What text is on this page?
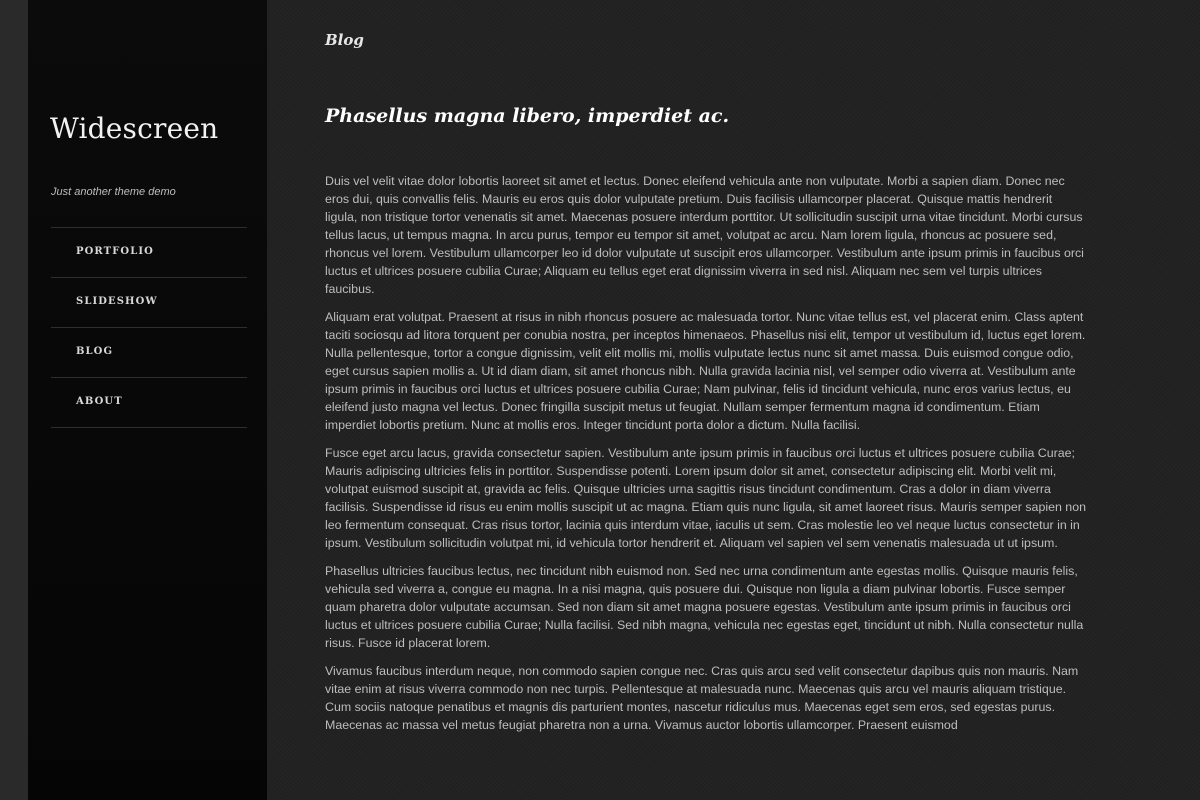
Widescreen

Just another theme demo

PORTFOLIO
SLIDESHOW
BLOG
ABOUT
Blog
Phasellus magna libero, imperdiet ac.

Duis vel velit vitae dolor lobortis laoreet sit amet et lectus. Donec eleifend vehicula ante non vulputate. Morbi a sapien diam. Donec nec eros dui, quis convallis felis. Mauris eu eros quis dolor vulputate pretium. Duis facilisis ullamcorper placerat. Quisque mattis hendrerit ligula, non tristique tortor venenatis sit amet. Maecenas posuere interdum porttitor. Ut sollicitudin suscipit urna vitae tincidunt. Morbi cursus tellus lacus, ut tempus magna. In arcu purus, tempor eu tempor sit amet, volutpat ac arcu. Nam lorem ligula, rhoncus ac posuere sed, rhoncus vel lorem. Vestibulum ullamcorper leo id dolor vulputate ut suscipit eros ullamcorper. Vestibulum ante ipsum primis in faucibus orci luctus et ultrices posuere cubilia Curae; Aliquam eu tellus eget erat dignissim viverra in sed nisl. Aliquam nec sem vel turpis ultrices faucibus.

Aliquam erat volutpat. Praesent at risus in nibh rhoncus posuere ac malesuada tortor. Nunc vitae tellus est, vel placerat enim. Class aptent taciti sociosqu ad litora torquent per conubia nostra, per inceptos himenaeos. Phasellus nisi elit, tempor ut vestibulum id, luctus eget lorem. Nulla pellentesque, tortor a congue dignissim, velit elit mollis mi, mollis vulputate lectus nunc sit amet massa. Duis euismod congue odio, eget cursus sapien mollis a. Ut id diam diam, sit amet rhoncus nibh. Nulla gravida lacinia nisl, vel semper odio viverra at. Vestibulum ante ipsum primis in faucibus orci luctus et ultrices posuere cubilia Curae; Nam pulvinar, felis id tincidunt vehicula, nunc eros varius lectus, eu eleifend justo magna vel lectus. Donec fringilla suscipit metus ut feugiat. Nullam semper fermentum magna id condimentum. Etiam imperdiet lobortis pretium. Nunc at mollis eros. Integer tincidunt porta dolor a dictum. Nulla facilisi.

Fusce eget arcu lacus, gravida consectetur sapien. Vestibulum ante ipsum primis in faucibus orci luctus et ultrices posuere cubilia Curae; Mauris adipiscing ultricies felis in porttitor. Suspendisse potenti. Lorem ipsum dolor sit amet, consectetur adipiscing elit. Morbi velit mi, volutpat euismod suscipit at, gravida ac felis. Quisque ultricies urna sagittis risus tincidunt condimentum. Cras a dolor in diam viverra facilisis. Suspendisse id risus eu enim mollis suscipit ut ac magna. Etiam quis nunc ligula, sit amet laoreet risus. Mauris semper sapien non leo fermentum consequat. Cras risus tortor, lacinia quis interdum vitae, iaculis ut sem. Cras molestie leo vel neque luctus consectetur in in ipsum. Vestibulum sollicitudin volutpat mi, id vehicula tortor hendrerit et. Aliquam vel sapien vel sem venenatis malesuada ut ut ipsum.

Phasellus ultricies faucibus lectus, nec tincidunt nibh euismod non. Sed nec urna condimentum ante egestas mollis. Quisque mauris felis, vehicula sed viverra a, congue eu magna. In a nisi magna, quis posuere dui. Quisque non ligula a diam pulvinar lobortis. Fusce semper quam pharetra dolor vulputate accumsan. Sed non diam sit amet magna posuere egestas. Vestibulum ante ipsum primis in faucibus orci luctus et ultrices posuere cubilia Curae; Nulla facilisi. Sed nibh magna, vehicula nec egestas eget, tincidunt ut nibh. Nulla consectetur nulla risus. Fusce id placerat lorem.

Vivamus faucibus interdum neque, non commodo sapien congue nec. Cras quis arcu sed velit consectetur dapibus quis non mauris. Nam vitae enim at risus viverra commodo non nec turpis. Pellentesque at malesuada nunc. Maecenas quis arcu vel mauris aliquam tristique. Cum sociis natoque penatibus et magnis dis parturient montes, nascetur ridiculus mus. Maecenas eget sem eros, sed egestas purus. Maecenas ac massa vel metus feugiat pharetra non a urna. Vivamus auctor lobortis ullamcorper. Praesent euismod
